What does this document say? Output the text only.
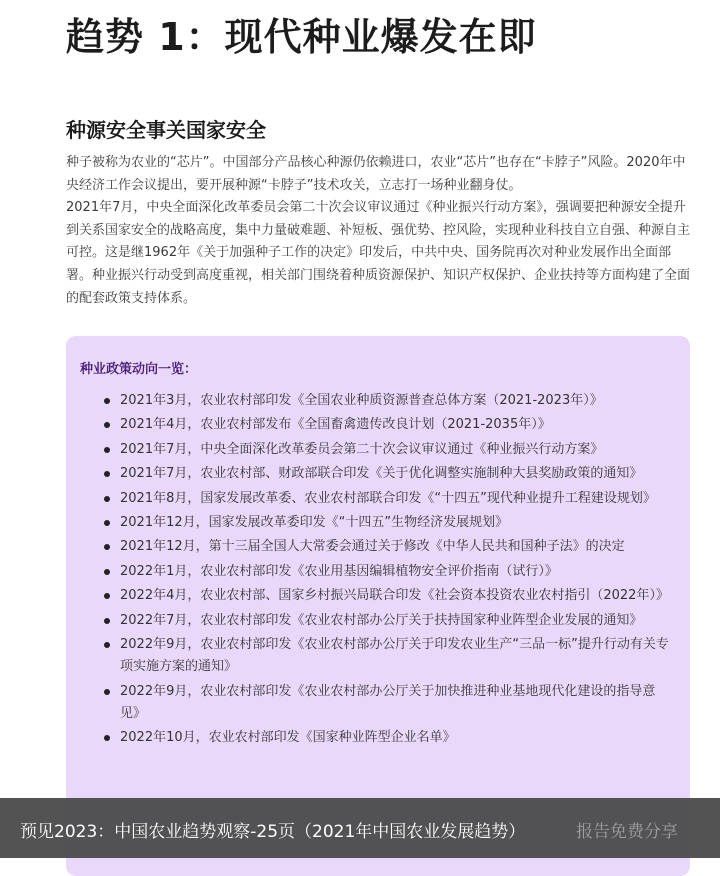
趋势 1：现代种业爆发在即
种源安全事关国家安全

种子被称为农业的“芯片”。中国部分产品核心种源仍依赖进口，农业“芯片”也存在“卡脖子”风险。2020年中央经济工作会议提出，要开展种源“卡脖子”技术攻关，立志打一场种业翻身仗。

2021年7月，中央全面深化改革委员会第二十次会议审议通过《种业振兴行动方案》，强调要把种源安全提升到关系国家安全的战略高度，集中力量破难题、补短板、强优势、控风险，实现种业科技自立自强、种源自主可控。这是继1962年《关于加强种子工作的决定》印发后，中共中央、国务院再次对种业发展作出全面部署。种业振兴行动受到高度重视，相关部门围绕着种质资源保护、知识产权保护、企业扶持等方面构建了全面的配套政策支持体系。

种业政策动向一览：

2021年3月，农业农村部印发《全国农业种质资源普查总体方案（2021-2023年）》
2021年4月，农业农村部发布《全国畜禽遗传改良计划（2021-2035年）》
2021年7月，中央全面深化改革委员会第二十次会议审议通过《种业振兴行动方案》
2021年7月，农业农村部、财政部联合印发《关于优化调整实施制种大县奖励政策的通知》
2021年8月，国家发展改革委、农业农村部联合印发《“十四五”现代种业提升工程建设规划》
2021年12月，国家发展改革委印发《“十四五”生物经济发展规划》
2021年12月，第十三届全国人大常委会通过关于修改《中华人民共和国种子法》的决定
2022年1月，农业农村部印发《农业用基因编辑植物安全评价指南（试行）》
2022年4月，农业农村部、国家乡村振兴局联合印发《社会资本投资农业农村指引（2022年）》
2022年7月，农业农村部印发《农业农村部办公厅关于扶持国家种业阵型企业发展的通知》
2022年9月，农业农村部印发《农业农村部办公厅关于印发农业生产“三品一标”提升行动有关专项实施方案的通知》
2022年9月，农业农村部印发《农业农村部办公厅关于加快推进种业基地现代化建设的指导意见》
2022年10月，农业农村部印发《国家种业阵型企业名单》
预见2023：中国农业趋势观察-25页（2021年中国农业发展趋势）	报告免费分享
